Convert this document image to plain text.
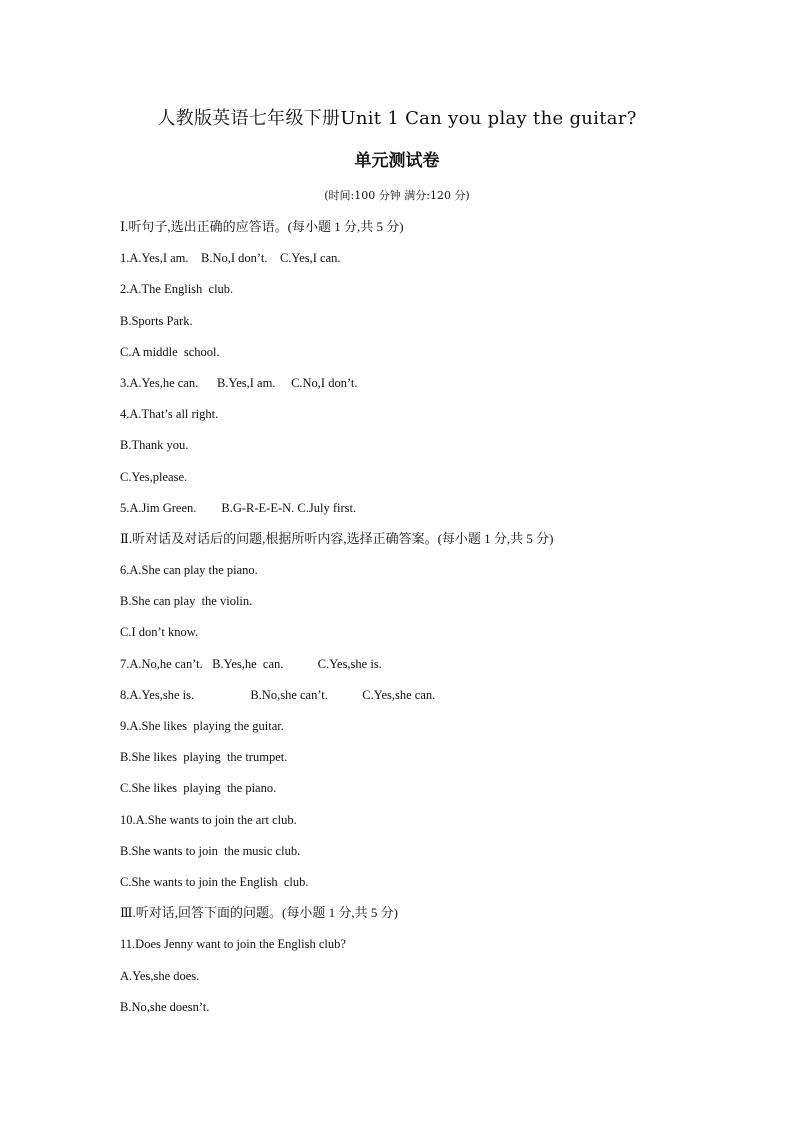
人教版英语七年级下册Unit 1 Can you play the guitar?
单元测试卷
(时间:100 分钟 满分:120 分)
Ⅰ.听句子,选出正确的应答语。(每小题 1 分,共 5 分)
1.A.Yes,I am.    B.No,I don’t.    C.Yes,I can.
2.A.The English  club.
B.Sports Park.
C.A middle  school.
3.A.Yes,he can.      B.Yes,I am.     C.No,I don’t.
4.A.That’s all right.
B.Thank you.
C.Yes,please.
5.A.Jim Green.        B.G-R-E-E-N. C.July first.
Ⅱ.听对话及对话后的问题,根据所听内容,选择正确答案。(每小题 1 分,共 5 分)
6.A.She can play the piano.
B.She can play  the violin.
C.I don’t know.
7.A.No,he can’t.   B.Yes,he  can.           C.Yes,she is.
8.A.Yes,she is.                  B.No,she can’t.           C.Yes,she can.
9.A.She likes  playing the guitar.
B.She likes  playing  the trumpet.
C.She likes  playing  the piano.
10.A.She wants to join the art club.
B.She wants to join  the music club.
C.She wants to join the English  club.
Ⅲ.听对话,回答下面的问题。(每小题 1 分,共 5 分)
11.Does Jenny want to join the English club?
A.Yes,she does.
B.No,she doesn’t.
